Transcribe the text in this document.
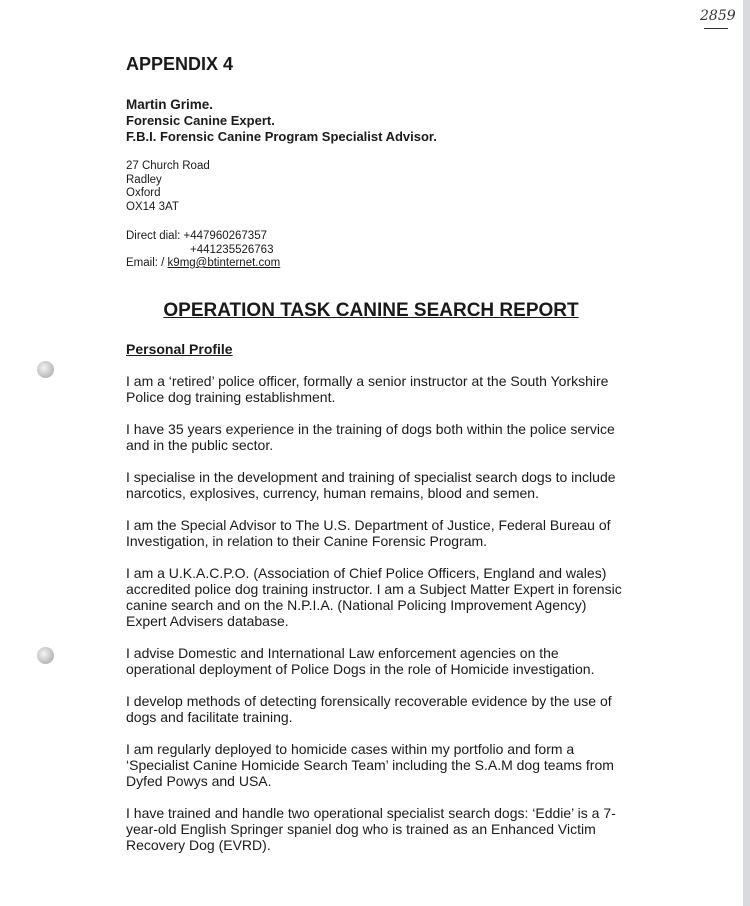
2859
APPENDIX 4
Martin Grime.
Forensic Canine Expert.
F.B.I. Forensic Canine Program Specialist Advisor.
27 Church Road
Radley
Oxford
OX14 3AT
Direct dial: +447960267357
+441235526763
Email: / k9mg@btinternet.com
OPERATION TASK CANINE SEARCH REPORT
Personal Profile

I am a ‘retired’ police officer, formally a senior instructor at the South Yorkshire Police dog training establishment.

I have 35 years experience in the training of dogs both within the police service and in the public sector.

I specialise in the development and training of specialist search dogs to include narcotics, explosives, currency, human remains, blood and semen.

I am the Special Advisor to The U.S. Department of Justice, Federal Bureau of Investigation, in relation to their Canine Forensic Program.

I am a U.K.A.C.P.O. (Association of Chief Police Officers, England and wales) accredited police dog training instructor. I am a Subject Matter Expert in forensic canine search and on the N.P.I.A. (National Policing Improvement Agency) Expert Advisers database.

I advise Domestic and International Law enforcement agencies on the operational deployment of Police Dogs in the role of Homicide investigation.

I develop methods of detecting forensically recoverable evidence by the use of dogs and facilitate training.

I am regularly deployed to homicide cases within my portfolio and form a ‘Specialist Canine Homicide Search Team’ including the S.A.M dog teams from Dyfed Powys and USA.

I have trained and handle two operational specialist search dogs: ‘Eddie’ is a 7-year-old English Springer spaniel dog who is trained as an Enhanced Victim Recovery Dog (EVRD).
